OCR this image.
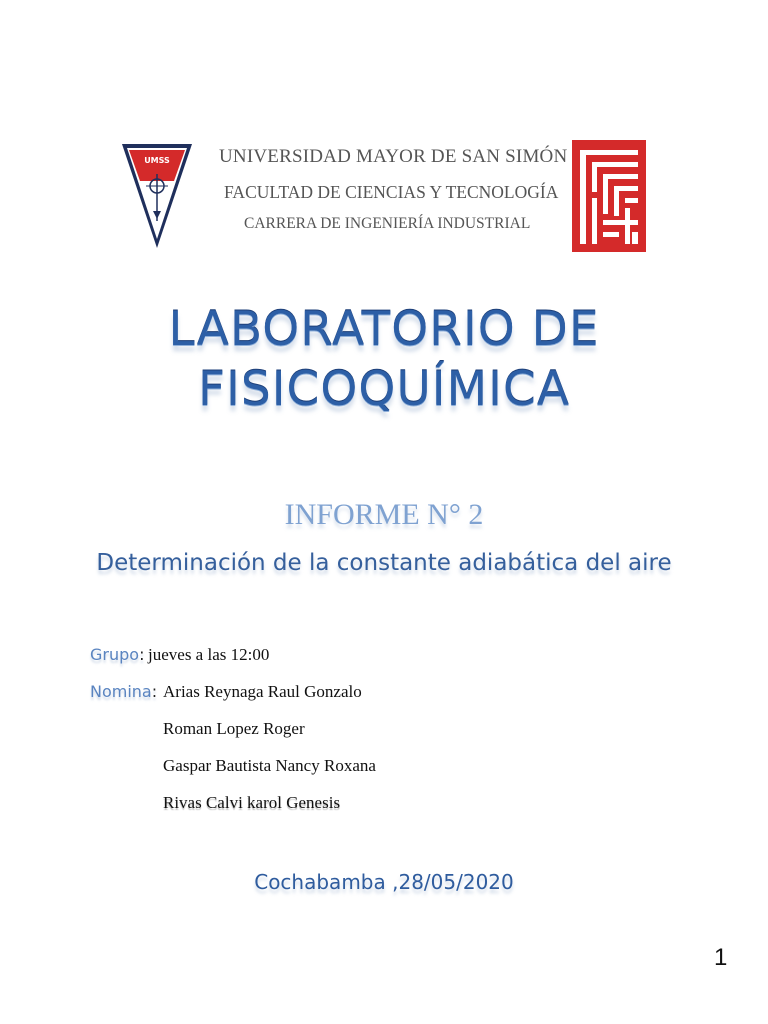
UMSS	UNIVERSIDAD MAYOR DE SAN SIMÓN
FACULTAD DE CIENCIAS Y TECNOLOGÍA
CARRERA DE INGENIERÍA INDUSTRIAL
LABORATORIO DE
FISICOQUÍMICA
INFORME N° 2
Determinación de la constante adiabática del aire
Grupo: jueves a las 12:00
Nomina: Arias Reynaga Raul Gonzalo
Roman Lopez Roger
Gaspar Bautista Nancy Roxana
Rivas Calvi karol Genesis
Cochabamba ,28/05/2020
1
